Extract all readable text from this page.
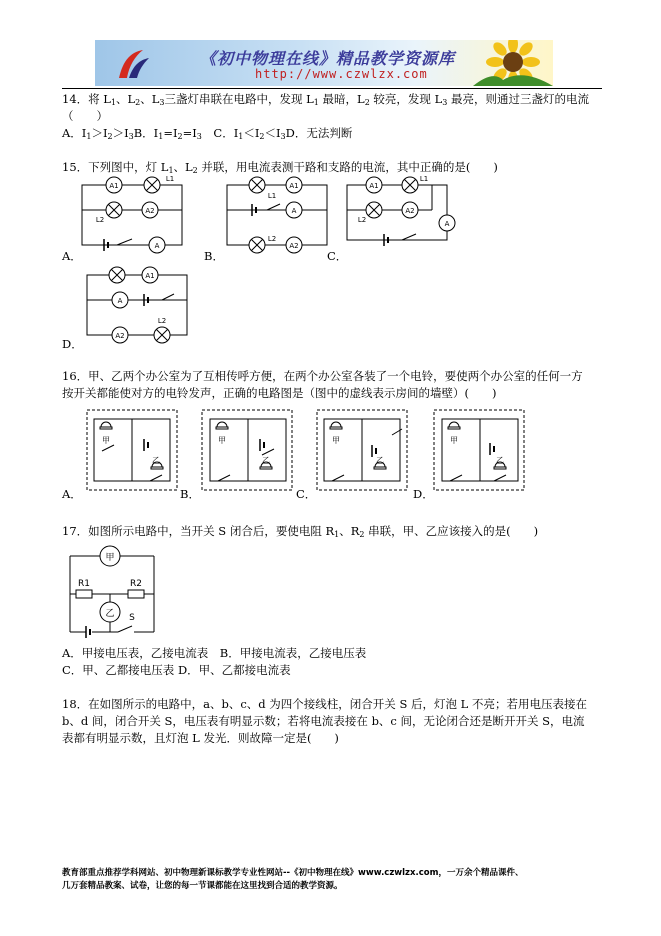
《初中物理在线》精品教学资源库
http://www.czwlzx.com
14．将 $L_1$、$L_2$、$L_3$三盏灯串联在电路中，发现 $L_1$ 最暗，$L_2$ 较亮，发现 $L_3$ 最亮，则通过三盏灯的电流
（　　）
A．$I_1>I_2>I_3B$．$I_1=I_2=I_3$　C．$I_1<I_2<I_3D$．无法判断
15．下列图中，灯 $L_1$、$L_2$ 并联，用电流表测干路和支路的电流，其中正确的是(　　)
A1
A2
A
A1
A
A2
A1
A2
A
A1
A
A2
L1
L2
L1
L2
L1
L2
L2
A．	B．	C．
D．
16．甲、乙两个办公室为了互相传呼方便，在两个办公室各装了一个电铃，要使两个办公室的任何一方
按开关都能使对方的电铃发声，正确的电路图是（图中的虚线表示房间的墙壁）(　　)
甲
乙
甲
乙
甲
乙
甲
乙
A．	B．	C．	D．
17．如图所示电路中，当开关 S 闭合后，要使电阻 $R_1$、$R_2$ 串联，甲、乙应该接入的是(　　)
甲
乙
R1	R2
S
A．甲接电压表，乙接电流表　B．甲接电流表，乙接电压表
C．甲、乙都接电压表 D．甲、乙都接电流表
18．在如图所示的电路中，a、b、c、d 为四个接线柱，闭合开关 S 后，灯泡 L 不亮；若用电压表接在
b、d 间，闭合开关 S，电压表有明显示数；若将电流表接在 b、c 间，无论闭合还是断开开关 S，电流
表都有明显示数，且灯泡 L 发光．则故障一定是(　　)
教育部重点推荐学科网站、初中物理新课标教学专业性网站--《初中物理在线》www.czwlzx.com，一万余个精品课件、
几万套精品教案、试卷，让您的每一节课都能在这里找到合适的教学资源。
